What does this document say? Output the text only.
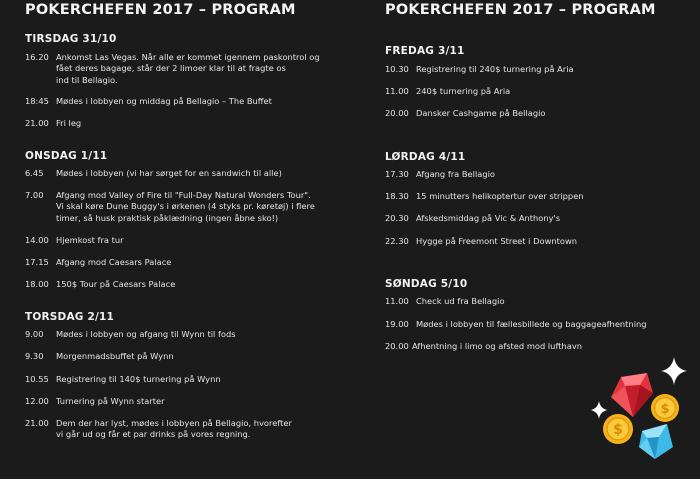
POKERCHEFEN 2017 – PROGRAM	POKERCHEFEN 2017 – PROGRAM
TIRSDAG 31/10
16.20 Ankomst Las Vegas. Når alle er kommet igennem paskontrol og
fået deres bagage, står der 2 limoer klar til at fragte os
ind til Bellagio.
18:45 Mødes i lobbyen og middag på Bellagio – The Buffet
21.00 Fri leg
ONSDAG 1/11
6.45	Mødes i lobbyen (vi har sørget for en sandwich til alle)
7.00	Afgang mod Valley of Fire til "Full-Day Natural Wonders Tour".
Vi skal køre Dune Buggy's i ørkenen (4 styks pr. køretøj) i flere
timer, så husk praktisk påklædning (ingen åbne sko!)
14.00 Hjemkost fra tur
17.15 Afgang mod Caesars Palace
18.00 150$ Tour på Caesars Palace
TORSDAG 2/11
9.00	Mødes i lobbyen og afgang til Wynn til fods
9.30	Morgenmadsbuffet på Wynn
10.55 Registrering til 140$ turnering på Wynn
12.00 Turnering på Wynn starter
21.00 Dem der har lyst, mødes i lobbyen på Bellagio, hvorefter
vi går ud og får et par drinks på vores regning.
FREDAG 3/11
10.30 Registrering til 240$ turnering på Aria
11.00 240$ turnering på Aria
20.00 Dansker Cashgame på Bellagio
LØRDAG 4/11
17.30 Afgang fra Bellagio
18.30 15 minutters helikoptertur over strippen
20.30 Afskedsmiddag på Vic & Anthony's
22.30 Hygge på Freemont Street i Downtown
SØNDAG 5/10
11.00 Check ud fra Bellagio
19.00 Mødes i lobbyen til fællesbillede og baggageafhentning
20.00 Afhentning i limo og afsted mod lufthavn
$
$
